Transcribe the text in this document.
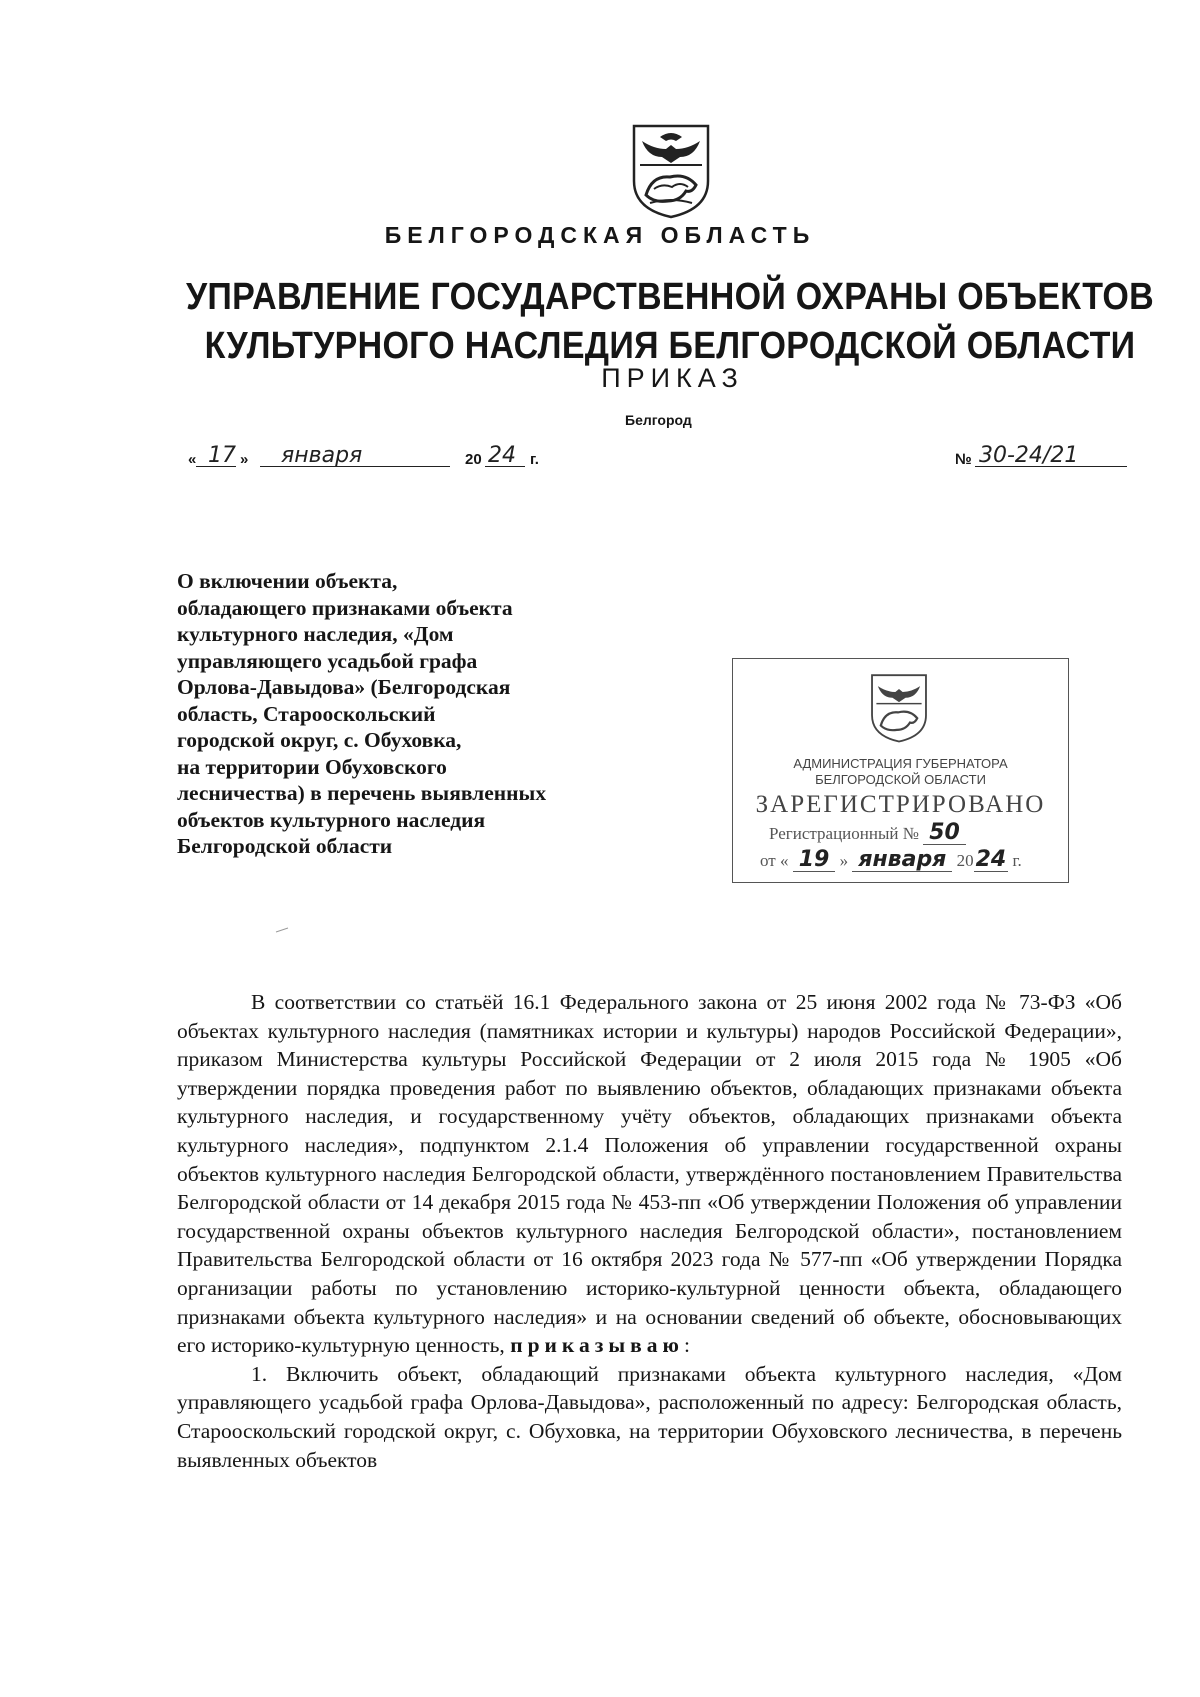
БЕЛГОРОДСКАЯ ОБЛАСТЬ
УПРАВЛЕНИЕ ГОСУДАРСТВЕННОЙ ОХРАНЫ ОБЪЕКТОВ
КУЛЬТУРНОГО НАСЛЕДИЯ БЕЛГОРОДСКОЙ ОБЛАСТИ
ПРИКАЗ
Белгород
« 17 » января	20 24 г.	№ 30-24/21
О включении объекта,
обладающего признаками объекта
культурного наследия, «Дом
управляющего усадьбой графа
Орлова-Давыдова» (Белгородская
область, Старооскольский
городской округ, с. Обуховка,
на территории Обуховского
лесничества) в перечень выявленных
объектов культурного наследия
Белгородской области
АДМИНИСТРАЦИЯ ГУБЕРНАТОРА
БЕЛГОРОДСКОЙ ОБЛАСТИ
ЗАРЕГИСТРИРОВАНО
Регистрационный № 50
от « 19 » января 2024 г.
В соответствии со статьёй 16.1 Федерального закона от 25 июня 2002 года № 73-ФЗ «Об объектах культурного наследия (памятниках истории и культуры) народов Российской Федерации», приказом Министерства культуры Российской Федерации от 2 июля 2015 года № 1905 «Об утверждении порядка проведения работ по выявлению объектов, обладающих признаками объекта культурного наследия, и государственному учёту объектов, обладающих признаками объекта культурного наследия», подпунктом 2.1.4 Положения об управлении государственной охраны объектов культурного наследия Белгородской области, утверждённого постановлением Правительства Белгородской области от 14 декабря 2015 года № 453-пп «Об утверждении Положения об управлении государственной охраны объектов культурного наследия Белгородской области», постановлением Правительства Белгородской области от 16 октября 2023 года № 577-пп «Об утверждении Порядка организации работы по установлению историко-культурной ценности объекта, обладающего признаками объекта культурного наследия» и на основании сведений об объекте, обосновывающих его историко-культурную ценность, приказываю:
1. Включить объект, обладающий признаками объекта культурного наследия, «Дом управляющего усадьбой графа Орлова-Давыдова», расположенный по адресу: Белгородская область, Старооскольский городской округ, с. Обуховка, на территории Обуховского лесничества, в перечень выявленных объектов
